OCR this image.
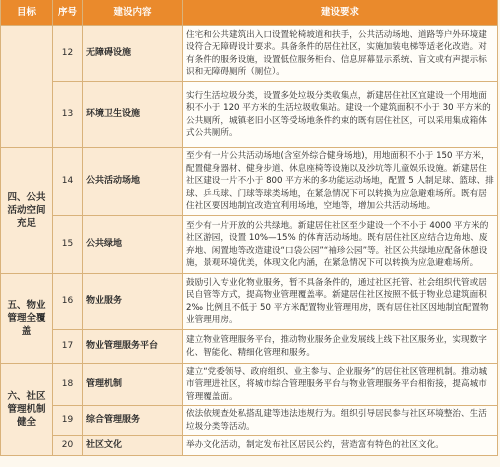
目标	序号	建设内容	建设要求
	12	无障碍设施	住宅和公共建筑出入口设置轮椅坡道和扶手，公共活动场地、道路等户外环境建设符合无障碍设计要求。具备条件的居住社区，实施加装电梯等适老化改造。对有条件的服务设施，设置低位服务柜台、信息屏幕显示系统、盲文或有声提示标识和无障碍厕所（厕位）。
	13	环境卫生设施	实行生活垃圾分类，设置多处垃圾分类收集点，新建居住社区宜建设一个用地面积不小于 120 平方米的生活垃圾收集站。建设一个建筑面积不小于 30 平方米的公共厕所，城镇老旧小区等受场地条件约束的既有居住社区，可以采用集成箱体式公共厕所。
四、公共活动空间充足	14	公共活动场地	至少有一片公共活动场地(含室外综合健身场地)，用地面积不小于 150 平方米，配置健身器材、健身步道、休息座椅等设施以及沙坑等儿童娱乐设施。新建居住社区建设一片不小于 800 平方米的多功能运动场地，配置 5 人制足球、篮球、排球、乒乓球、门球等球类场地，在紧急情况下可以转换为应急避难场所。既有居住社区要因地制宜改造宜利用场地，空地等，增加公共活动场地。
	15	公共绿地	至少有一片开放的公共绿地。新建居住社区至少建设一个不小于 4000 平方米的社区游园，设置 10%—15% 的体育活动场地。既有居住社区应结合边角地、废弃地、闲置地等改造建设“口袋公园”“袖珍公园”等。社区公共绿地应配备休憩设施，景观环境优美，体现文化内涵，在紧急情况下可以转换为应急避难场所。
五、物业管理全覆盖	16	物业服务	鼓励引入专业化物业服务，暂不具备条件的，通过社区托管、社会组织代管或居民自管等方式，提高物业管理覆盖率。新建居住社区按照不低于物业总建筑面积 2‰ 比例且不低于 50 平方米配置物业管理用房，既有居住社区因地制宜配置物业管理用房。
	17	物业管理服务平台	建立物业管理服务平台，推动物业服务企业发展线上线下社区服务业，实现数字化、智能化、精细化管理和服务。
六、社区管理机制健全	18	管理机制	建立“党委领导、政府组织、业主参与、企业服务”的居住社区管理机制。推动城市管理进社区，将城市综合管理服务平台与物业管理服务平台相衔接，提高城市管理覆盖面。
	19	综合管理服务	依法依规查处私搭乱建等违法违规行为。组织引导居民参与社区环境整治、生活垃圾分类等活动。
	20	社区文化	举办文化活动，制定发布社区居民公约，营造富有特色的社区文化。
